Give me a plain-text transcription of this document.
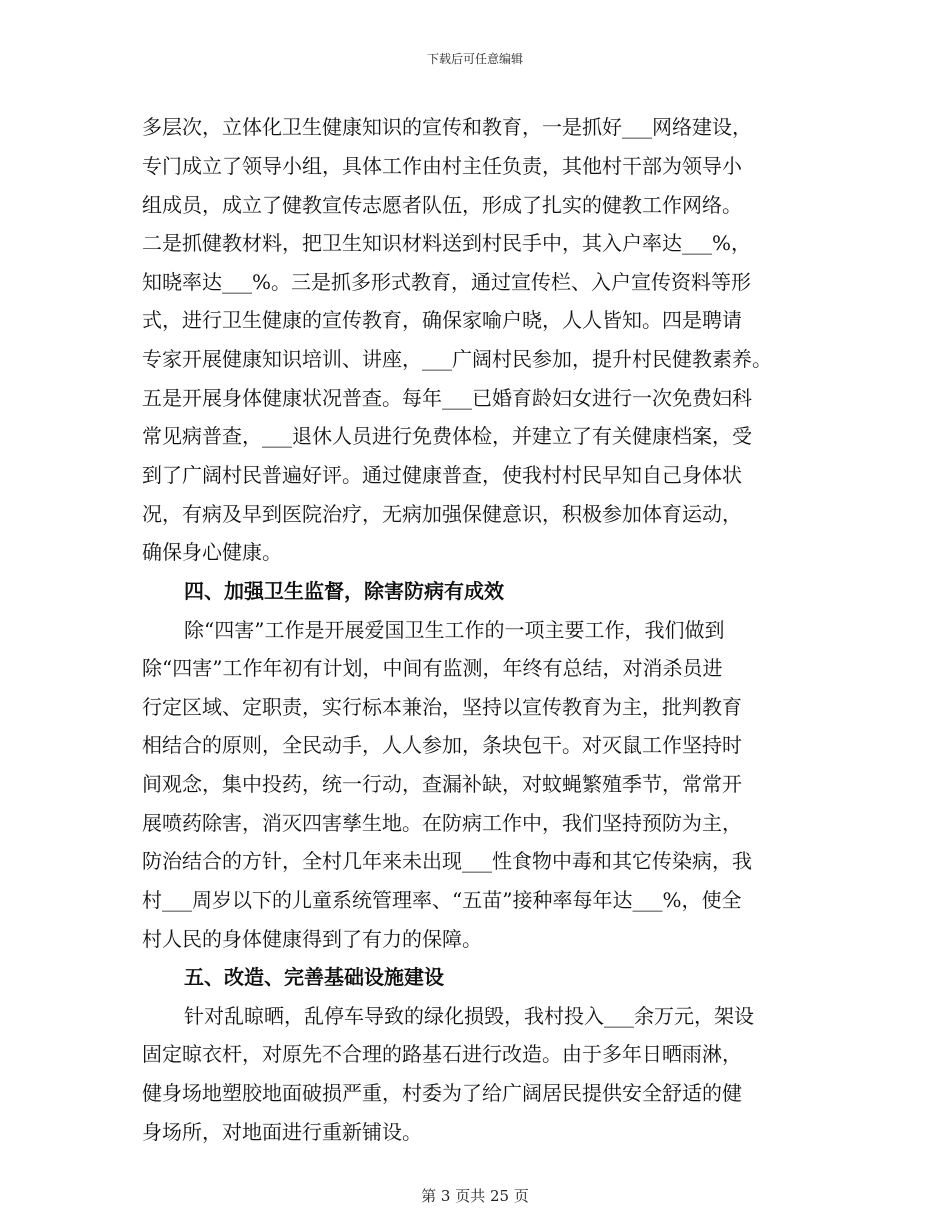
下载后可任意编辑
多层次，立体化卫生健康知识的宣传和教育，一是抓好___网络建设，
专门成立了领导小组，具体工作由村主任负责，其他村干部为领导小
组成员，成立了健教宣传志愿者队伍，形成了扎实的健教工作网络。
二是抓健教材料，把卫生知识材料送到村民手中，其入户率达___%，
知晓率达___%。三是抓多形式教育，通过宣传栏、入户宣传资料等形
式，进行卫生健康的宣传教育，确保家喻户晓，人人皆知。四是聘请
专家开展健康知识培训、讲座，___广阔村民参加，提升村民健教素养。
五是开展身体健康状况普查。每年___已婚育龄妇女进行一次免费妇科
常见病普查，___退休人员进行免费体检，并建立了有关健康档案，受
到了广阔村民普遍好评。通过健康普查，使我村村民早知自己身体状
况，有病及早到医院治疗，无病加强保健意识，积极参加体育运动，
确保身心健康。
四、加强卫生监督，除害防病有成效
除“四害”工作是开展爱国卫生工作的一项主要工作，我们做到
除“四害”工作年初有计划，中间有监测，年终有总结，对消杀员进
行定区域、定职责，实行标本兼治，坚持以宣传教育为主，批判教育
相结合的原则，全民动手，人人参加，条块包干。对灭鼠工作坚持时
间观念，集中投药，统一行动，查漏补缺，对蚊蝇繁殖季节，常常开
展喷药除害，消灭四害孳生地。在防病工作中，我们坚持预防为主，
防治结合的方针，全村几年来未出现___性食物中毒和其它传染病，我
村___周岁以下的儿童系统管理率、“五苗”接种率每年达___%，使全
村人民的身体健康得到了有力的保障。
五、改造、完善基础设施建设
针对乱晾晒，乱停车导致的绿化损毁，我村投入___余万元，架设
固定晾衣杆，对原先不合理的路基石进行改造。由于多年日晒雨淋，
健身场地塑胶地面破损严重，村委为了给广阔居民提供安全舒适的健
身场所，对地面进行重新铺设。
第 3 页共 25 页
